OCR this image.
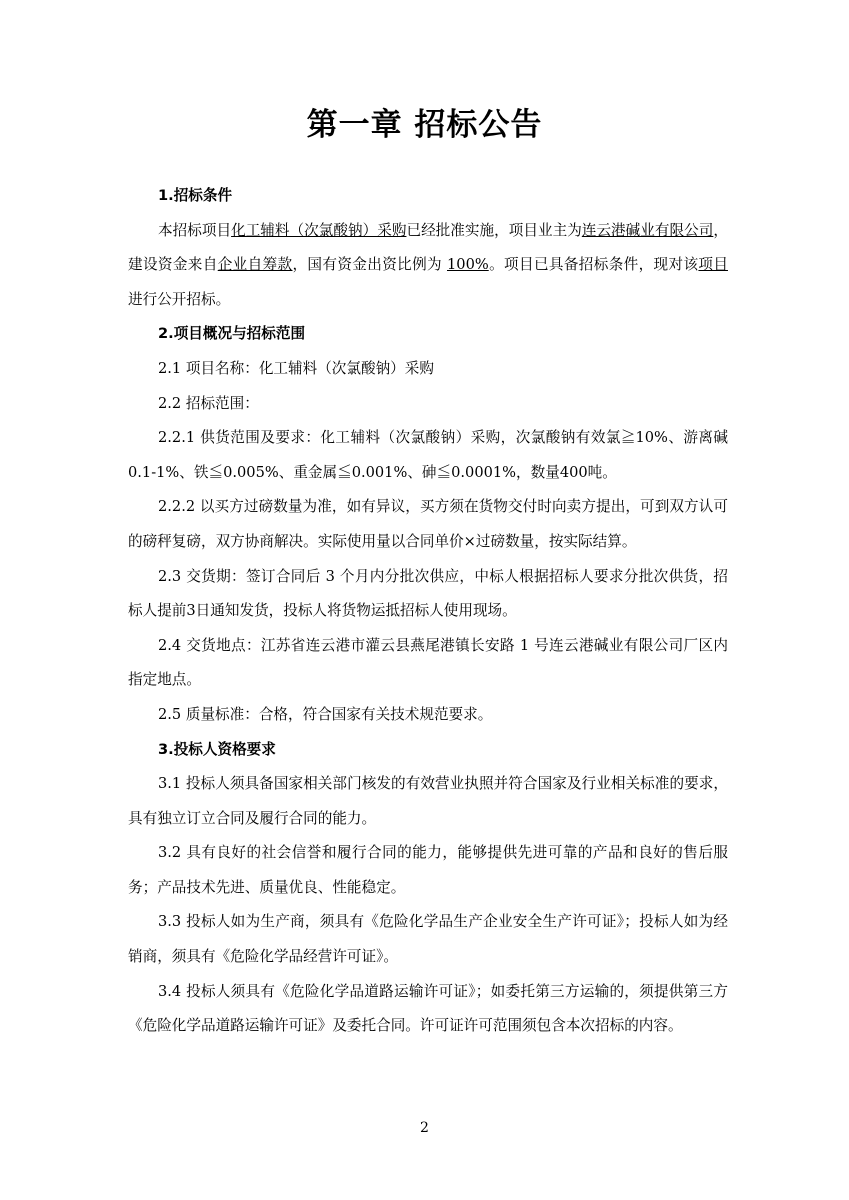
第一章 招标公告

1.招标条件

本招标项目化工辅料（次氯酸钠）采购已经批准实施，项目业主为连云港碱业有限公司，建设资金来自企业自筹款，国有资金出资比例为 100%。项目已具备招标条件，现对该项目进行公开招标。

2.项目概况与招标范围

2.1 项目名称：化工辅料（次氯酸钠）采购

2.2 招标范围：

2.2.1 供货范围及要求：化工辅料（次氯酸钠）采购，次氯酸钠有效氯≧10%、游离碱0.1-1%、铁≦0.005%、重金属≦0.001%、砷≦0.0001%，数量400吨。

2.2.2 以买方过磅数量为准，如有异议，买方须在货物交付时向卖方提出，可到双方认可的磅秤复磅，双方协商解决。实际使用量以合同单价×过磅数量，按实际结算。

2.3 交货期：签订合同后 3 个月内分批次供应，中标人根据招标人要求分批次供货，招标人提前3日通知发货，投标人将货物运抵招标人使用现场。

2.4 交货地点：江苏省连云港市灌云县燕尾港镇长安路 1 号连云港碱业有限公司厂区内指定地点。

2.5 质量标准：合格，符合国家有关技术规范要求。

3.投标人资格要求

3.1 投标人须具备国家相关部门核发的有效营业执照并符合国家及行业相关标准的要求，具有独立订立合同及履行合同的能力。

3.2 具有良好的社会信誉和履行合同的能力，能够提供先进可靠的产品和良好的售后服务；产品技术先进、质量优良、性能稳定。

3.3 投标人如为生产商，须具有《危险化学品生产企业安全生产许可证》；投标人如为经销商，须具有《危险化学品经营许可证》。

3.4 投标人须具有《危险化学品道路运输许可证》；如委托第三方运输的，须提供第三方《危险化学品道路运输许可证》及委托合同。许可证许可范围须包含本次招标的内容。

2
